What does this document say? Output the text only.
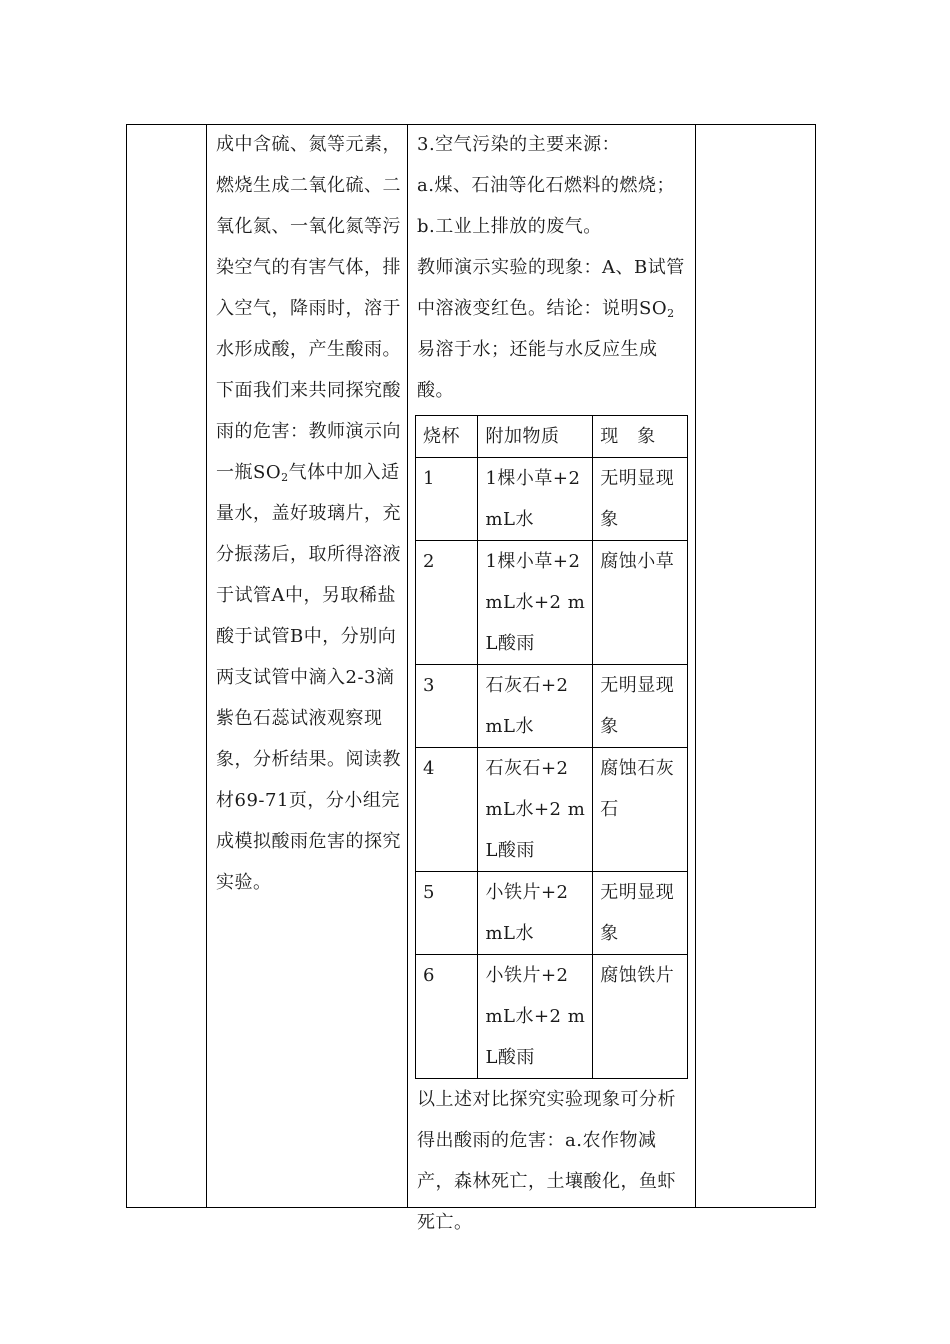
成中含硫、氮等元素，燃烧生成二氧化硫、二氧化氮、一氧化氮等污染空气的有害气体，排入空气，降雨时，溶于水形成酸，产生酸雨。

下面我们来共同探究酸雨的危害：教师演示向一瓶$SO_2$气体中加入适量水，盖好玻璃片，充分振荡后，取所得溶液于试管A中，另取稀盐酸于试管B中，分别向两支试管中滴入2-3滴紫色石蕊试液观察现象，分析结果。阅读教材69-71页，分小组完成模拟酸雨危害的探究实验。

3.空气污染的主要来源：

a.煤、石油等化石燃料的燃烧；

b.工业上排放的废气。

教师演示实验的现象：A、B试管中溶液变红色。结论：说明$SO_2$易溶于水；还能与水反应生成酸。

烧杯	附加物质	现　象
1	1棵小草+2 mL水	无明显现象
2	1棵小草+2 mL水+2 mL酸雨	腐蚀小草
3	石灰石+2 mL水	无明显现象
4	石灰石+2 mL水+2 mL酸雨	腐蚀石灰石
5	小铁片+2 mL水	无明显现象
6	小铁片+2 mL水+2 mL酸雨	腐蚀铁片

以上述对比探究实验现象可分析得出酸雨的危害：a.农作物减产，森林死亡，土壤酸化，鱼虾死亡。
